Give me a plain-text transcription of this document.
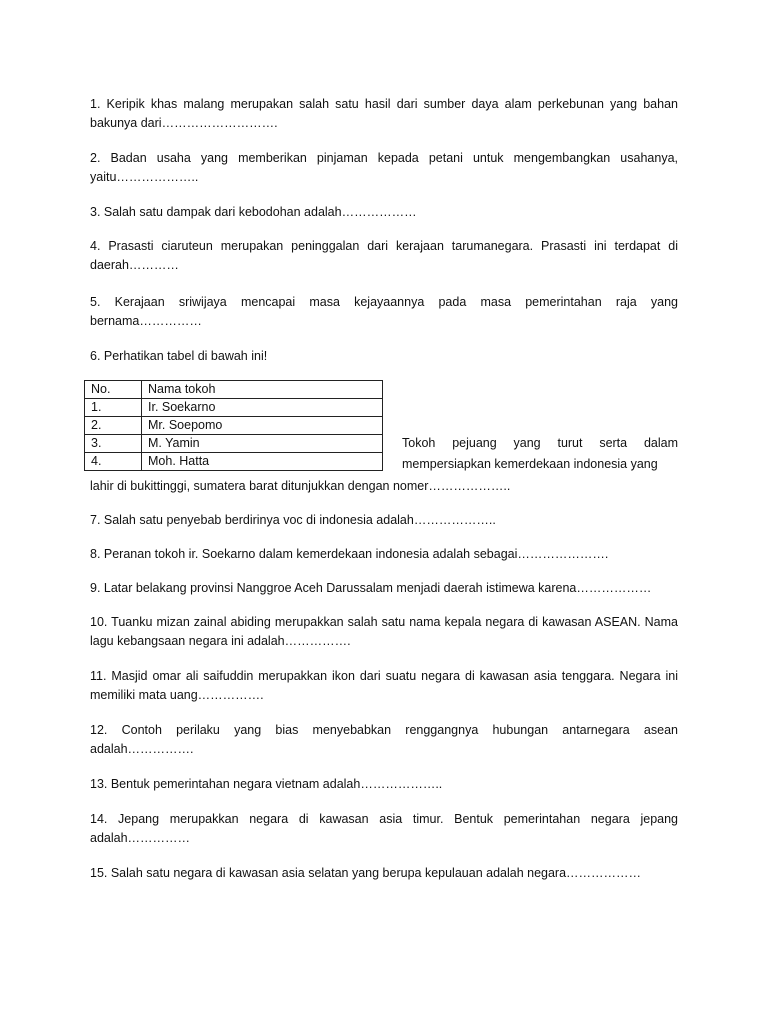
1. Keripik khas malang merupakan salah satu hasil dari sumber daya alam perkebunan yang bahan bakunya dari……………………….

2. Badan usaha yang memberikan pinjaman kepada petani untuk mengembangkan usahanya, yaitu………………..

3. Salah satu dampak dari kebodohan adalah………………

4. Prasasti ciaruteun merupakan peninggalan dari kerajaan tarumanegara. Prasasti ini terdapat di daerah…………

5. Kerajaan sriwijaya mencapai masa kejayaannya pada masa pemerintahan raja yang bernama……………

6. Perhatikan tabel di bawah ini!

No.	Nama tokoh
1.	Ir. Soekarno
2.	Mr. Soepomo
3.	M. Yamin
4.	Moh. Hatta

Tokoh pejuang yang turut serta dalam mempersiapkan kemerdekaan indonesia yang

lahir di bukittinggi, sumatera barat ditunjukkan dengan nomer………………..

7. Salah satu penyebab berdirinya voc di indonesia adalah………………..

8. Peranan tokoh ir. Soekarno dalam kemerdekaan indonesia adalah sebagai………………….

9. Latar belakang provinsi Nanggroe Aceh Darussalam menjadi daerah istimewa karena………………

10. Tuanku mizan zainal abiding merupakkan salah satu nama kepala negara di kawasan ASEAN. Nama lagu kebangsaan negara ini adalah…………….

11. Masjid omar ali saifuddin merupakkan ikon dari suatu negara di kawasan asia tenggara. Negara ini memiliki mata uang…………….

12. Contoh perilaku yang bias menyebabkan renggangnya hubungan antarnegara asean adalah…………….

13. Bentuk pemerintahan negara vietnam adalah………………..

14. Jepang merupakkan negara di kawasan asia timur. Bentuk pemerintahan negara jepang adalah……………

15. Salah satu negara di kawasan asia selatan yang berupa kepulauan adalah negara………………
